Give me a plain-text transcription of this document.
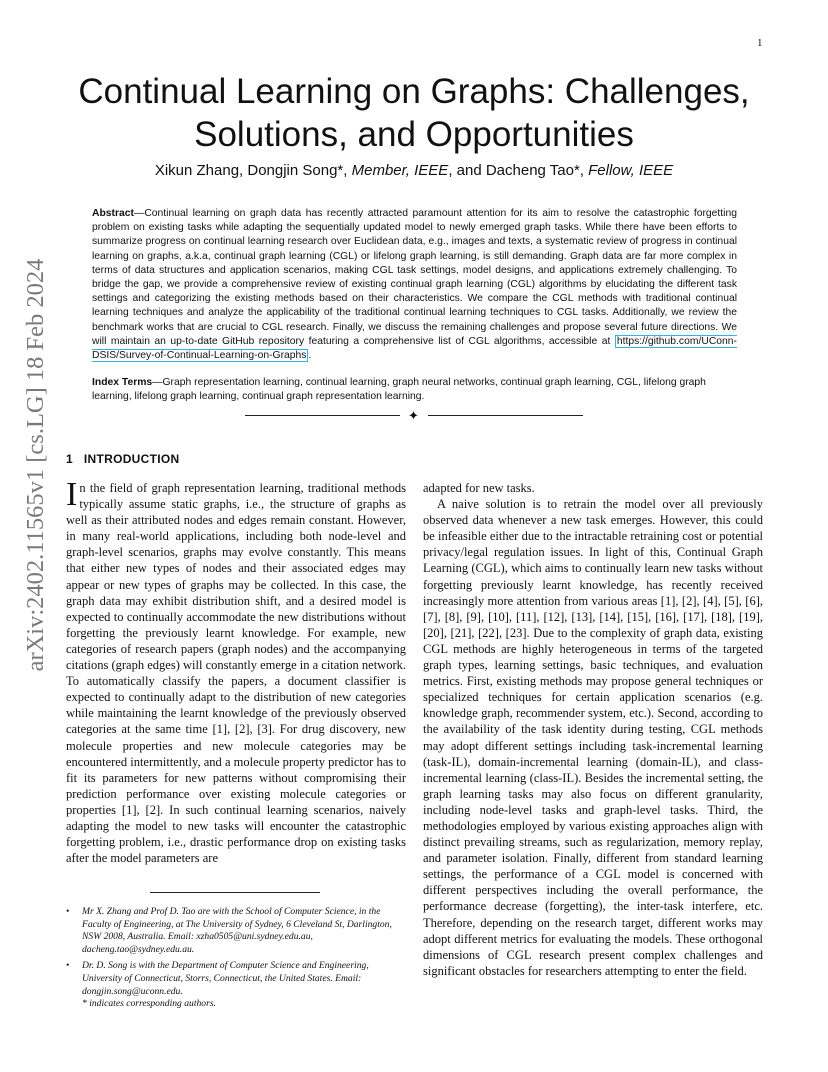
1
arXiv:2402.11565v1 [cs.LG] 18 Feb 2024
Continual Learning on Graphs: Challenges,
Solutions, and Opportunities
Xikun Zhang, Dongjin Song*, Member, IEEE, and Dacheng Tao*, Fellow, IEEE
Abstract—Continual learning on graph data has recently attracted paramount attention for its aim to resolve the catastrophic forgetting problem on existing tasks while adapting the sequentially updated model to newly emerged graph tasks. While there have been efforts to summarize progress on continual learning research over Euclidean data, e.g., images and texts, a systematic review of progress in continual learning on graphs, a.k.a, continual graph learning (CGL) or lifelong graph learning, is still demanding. Graph data are far more complex in terms of data structures and application scenarios, making CGL task settings, model designs, and applications extremely challenging. To bridge the gap, we provide a comprehensive review of existing continual graph learning (CGL) algorithms by elucidating the different task settings and categorizing the existing methods based on their characteristics. We compare the CGL methods with traditional continual learning techniques and analyze the applicability of the traditional continual learning techniques to CGL tasks. Additionally, we review the benchmark works that are crucial to CGL research. Finally, we discuss the remaining challenges and propose several future directions. We will maintain an up-to-date GitHub repository featuring a comprehensive list of CGL algorithms, accessible at https://github.com/UConn-DSIS/Survey-of-Continual-Learning-on-Graphs .
Index Terms—Graph representation learning, continual learning, graph neural networks, continual graph learning, CGL, lifelong graph learning, lifelong graph learning, continual graph representation learning.
✦
1 INTRODUCTION

In the field of graph representation learning, traditional methods typically assume static graphs, i.e., the structure of graphs as well as their attributed nodes and edges remain constant. However, in many real-world applications, including both node-level and graph-level scenarios, graphs may evolve constantly. This means that either new types of nodes and their associated edges may appear or new types of graphs may be collected. In this case, the graph data may exhibit distribution shift, and a desired model is expected to continually accommodate the new distributions without forgetting the previously learnt knowledge. For example, new categories of research papers (graph nodes) and the accompanying citations (graph edges) will constantly emerge in a citation network. To automatically classify the papers, a document classifier is expected to continually adapt to the distribution of new categories while maintaining the learnt knowledge of the previously observed categories at the same time [1], [2], [3]. For drug discovery, new molecule properties and new molecule categories may be encountered intermittently, and a molecule property predictor has to fit its parameters for new patterns without compromising their prediction performance over existing molecule categories or properties [1], [2]. In such continual learning scenarios, naively adapting the model to new tasks will encounter the catastrophic forgetting problem, i.e., drastic performance drop on existing tasks after the model parameters are

adapted for new tasks.

A naive solution is to retrain the model over all previously observed data whenever a new task emerges. However, this could be infeasible either due to the intractable retraining cost or potential privacy/legal regulation issues. In light of this, Continual Graph Learning (CGL), which aims to continually learn new tasks without forgetting previously learnt knowledge, has recently received increasingly more attention from various areas [1], [2], [4], [5], [6], [7], [8], [9], [10], [11], [12], [13], [14], [15], [16], [17], [18], [19], [20], [21], [22], [23]. Due to the complexity of graph data, existing CGL methods are highly heterogeneous in terms of the targeted graph types, learning settings, basic techniques, and evaluation metrics. First, existing methods may propose general techniques or specialized techniques for certain application scenarios (e.g. knowledge graph, recommender system, etc.). Second, according to the availability of the task identity during testing, CGL methods may adopt different settings including task-incremental learning (task-IL), domain-incremental learning (domain-IL), and class-incremental learning (class-IL). Besides the incremental setting, the graph learning tasks may also focus on different granularity, including node-level tasks and graph-level tasks. Third, the methodologies employed by various existing approaches align with distinct prevailing streams, such as regularization, memory replay, and parameter isolation. Finally, different from standard learning settings, the performance of a CGL model is concerned with different perspectives including the overall performance, the performance decrease (forgetting), the inter-task interfere, etc. Therefore, depending on the research target, different works may adopt different metrics for evaluating the models. These orthogonal dimensions of CGL research present complex challenges and significant obstacles for researchers attempting to enter the field.

• Mr X. Zhang and Prof D. Tao are with the School of Computer Science, in the Faculty of Engineering, at The University of Sydney, 6 Cleveland St, Darlington, NSW 2008, Australia. Email: xzha0505@uni.sydney.edu.au, dacheng.tao@sydney.edu.au.
• Dr. D. Song is with the Department of Computer Science and Engineering, University of Connecticut, Storrs, Connecticut, the United States. Email: dongjin.song@uconn.edu.
* indicates corresponding authors.
